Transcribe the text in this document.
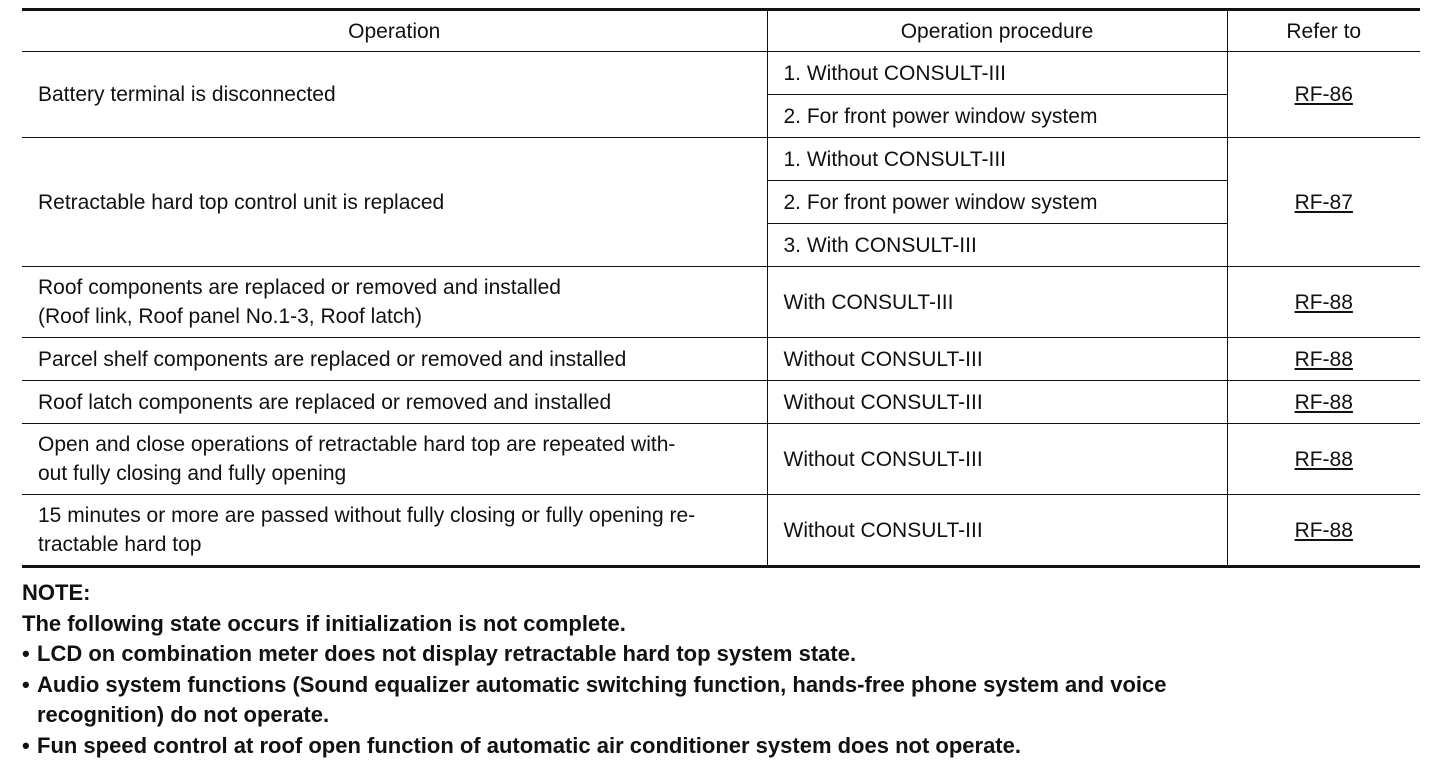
Operation	Operation procedure	Refer to
Battery terminal is disconnected	1. Without CONSULT-III	RF-86
	2. For front power window system	
Retractable hard top control unit is replaced	1. Without CONSULT-III	RF-87
	2. For front power window system	
	3. With CONSULT-III	

Roof components are replaced or removed and installed
(Roof link, Roof panel No.1-3, Roof latch)	With CONSULT-III	RF-88
Parcel shelf components are replaced or removed and installed	Without CONSULT-III	RF-88
Roof latch components are replaced or removed and installed	Without CONSULT-III	RF-88

Open and close operations of retractable hard top are repeated with-
out fully closing and fully opening	Without CONSULT-III	RF-88

15 minutes or more are passed without fully closing or fully opening re-
tractable hard top	Without CONSULT-III	RF-88

NOTE:

The following state occurs if initialization is not complete.

• LCD on combination meter does not display retractable hard top system state.
• Audio system functions (Sound equalizer automatic switching function, hands-free phone system and voice
recognition) do not operate.
• Fun speed control at roof open function of automatic air conditioner system does not operate.
